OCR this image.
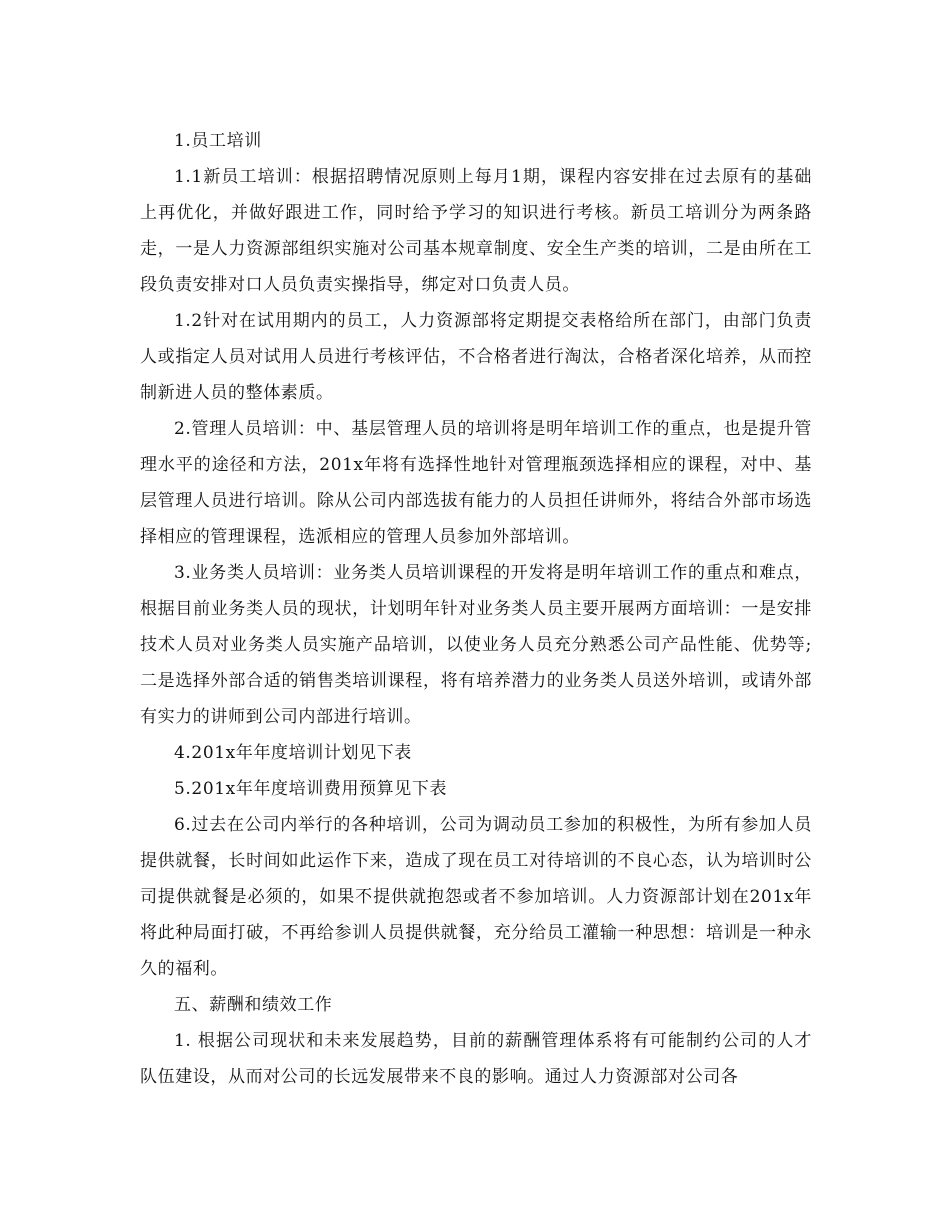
1.员工培训

1.1新员工培训：根据招聘情况原则上每月1期，课程内容安排在过去原有的基础上再优化，并做好跟进工作，同时给予学习的知识进行考核。新员工培训分为两条路走，一是人力资源部组织实施对公司基本规章制度、安全生产类的培训，二是由所在工段负责安排对口人员负责实操指导，绑定对口负责人员。

1.2针对在试用期内的员工，人力资源部将定期提交表格给所在部门，由部门负责人或指定人员对试用人员进行考核评估，不合格者进行淘汰，合格者深化培养，从而控制新进人员的整体素质。

2.管理人员培训：中、基层管理人员的培训将是明年培训工作的重点，也是提升管理水平的途径和方法，201x年将有选择性地针对管理瓶颈选择相应的课程，对中、基层管理人员进行培训。除从公司内部选拔有能力的人员担任讲师外，将结合外部市场选择相应的管理课程，选派相应的管理人员参加外部培训。

3.业务类人员培训：业务类人员培训课程的开发将是明年培训工作的重点和难点，根据目前业务类人员的现状，计划明年针对业务类人员主要开展两方面培训：一是安排技术人员对业务类人员实施产品培训，以使业务人员充分熟悉公司产品性能、优势等;二是选择外部合适的销售类培训课程，将有培养潜力的业务类人员送外培训，或请外部有实力的讲师到公司内部进行培训。

4.201x年年度培训计划见下表

5.201x年年度培训费用预算见下表

6.过去在公司内举行的各种培训，公司为调动员工参加的积极性，为所有参加人员提供就餐，长时间如此运作下来，造成了现在员工对待培训的不良心态，认为培训时公司提供就餐是必须的，如果不提供就抱怨或者不参加培训。人力资源部计划在201x年将此种局面打破，不再给参训人员提供就餐，充分给员工灌输一种思想：培训是一种永久的福利。

五、薪酬和绩效工作

1. 根据公司现状和未来发展趋势，目前的薪酬管理体系将有可能制约公司的人才队伍建设，从而对公司的长远发展带来不良的影响。通过人力资源部对公司各
